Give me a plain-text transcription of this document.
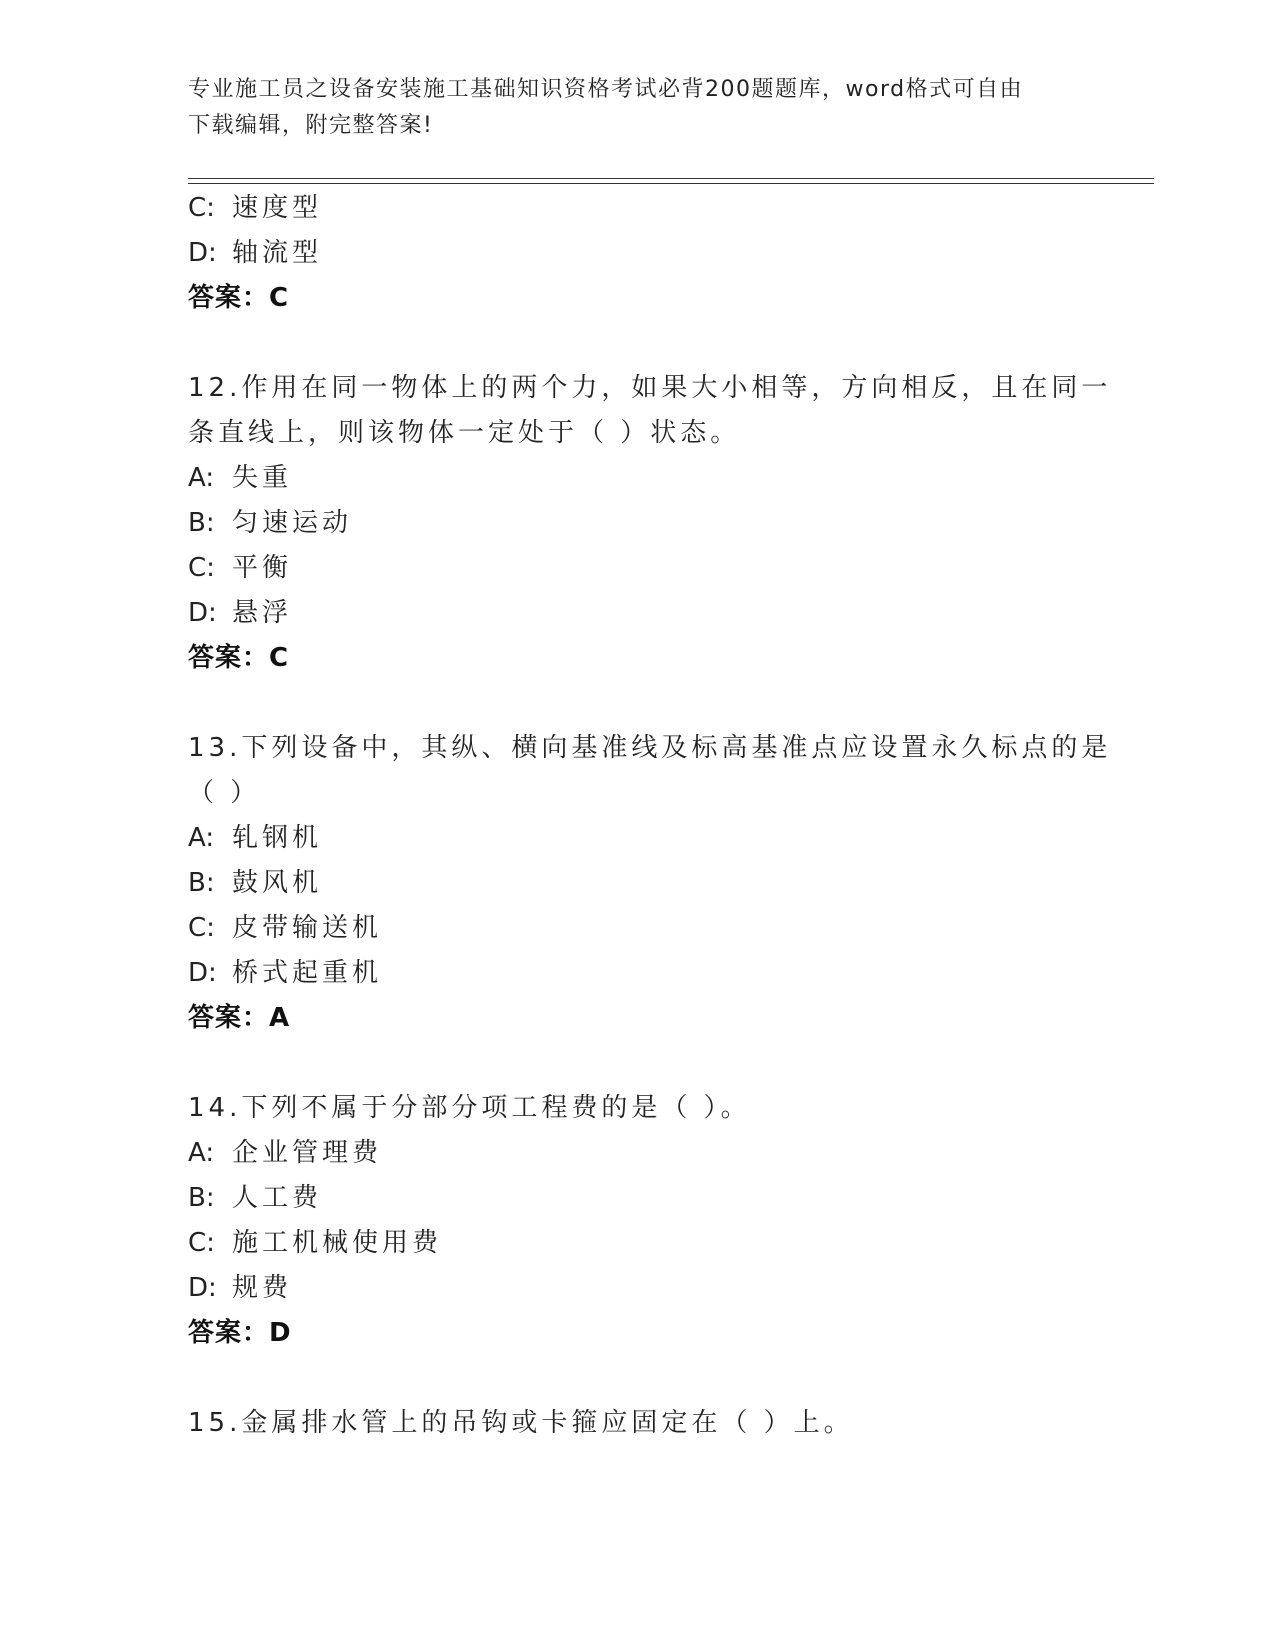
专业施工员之设备安装施工基础知识资格考试必背200题题库，word格式可自由
下载编辑，附完整答案!
C: 速度型
D: 轴流型
答案：C
12.作用在同一物体上的两个力，如果大小相等，方向相反，且在同一
条直线上，则该物体一定处于（ ）状态。
A: 失重
B: 匀速运动
C: 平衡
D: 悬浮
答案：C
13.下列设备中，其纵、横向基准线及标高基准点应设置永久标点的是
（ ）
A: 轧钢机
B: 鼓风机
C: 皮带输送机
D: 桥式起重机
答案：A
14.下列不属于分部分项工程费的是（ ）。
A: 企业管理费
B: 人工费
C: 施工机械使用费
D: 规费
答案：D
15.金属排水管上的吊钩或卡箍应固定在（ ）上。
